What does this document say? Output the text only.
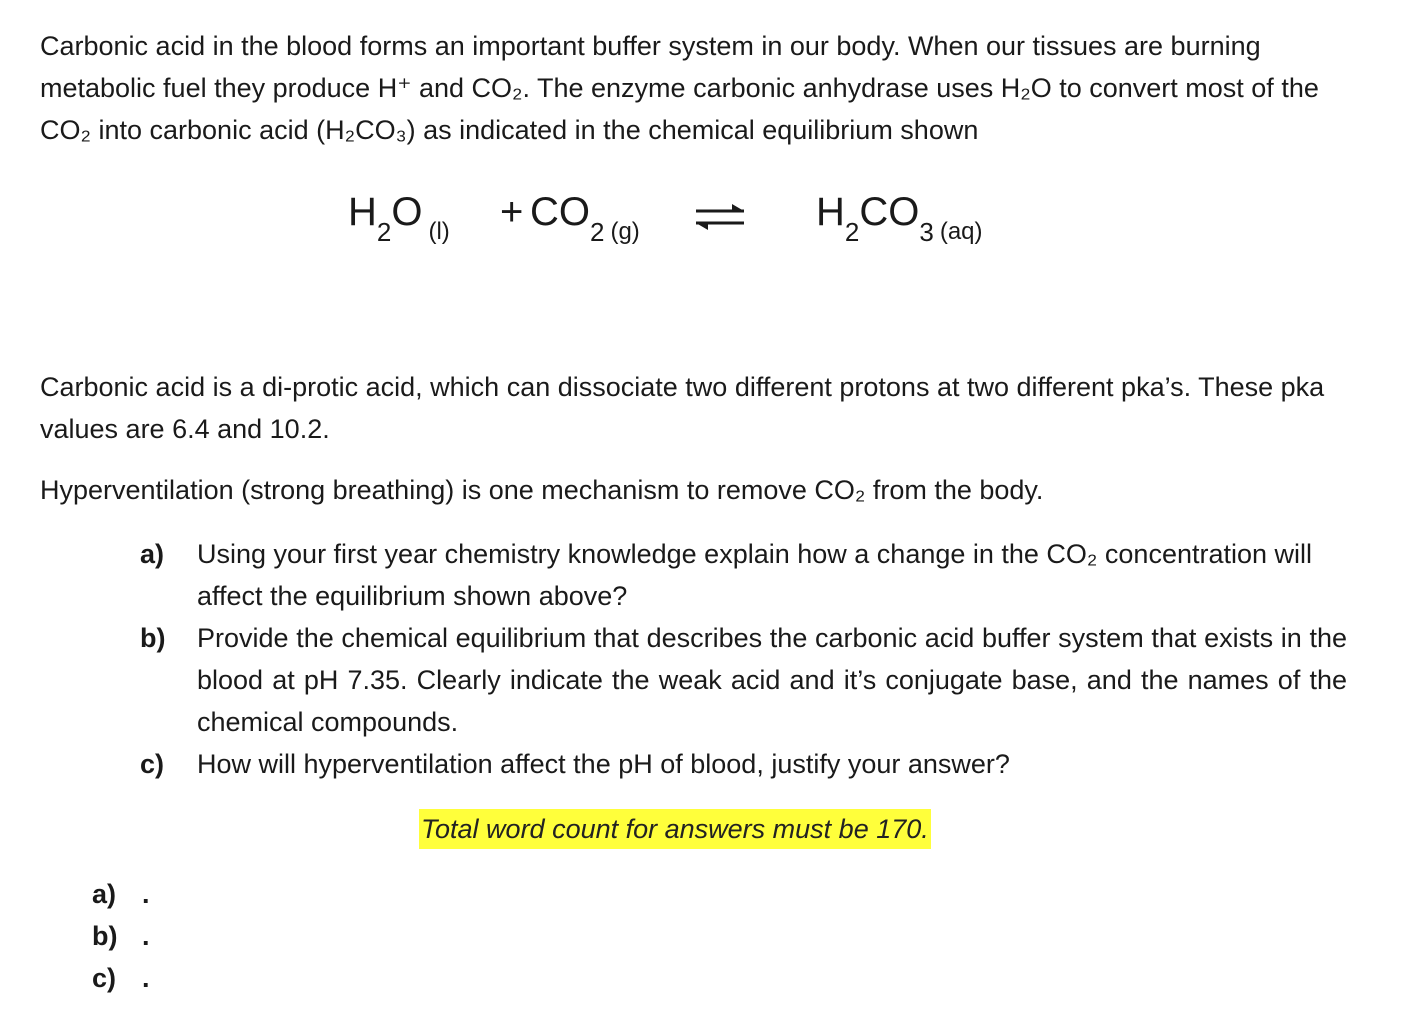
Carbonic acid in the blood forms an important buffer system in our body. When our tissues are burning metabolic fuel they produce H⁺ and CO₂. The enzyme carbonic anhydrase uses H₂O to convert most of the CO₂ into carbonic acid (H₂CO₃) as indicated in the chemical equilibrium shown

$H_2O$ $_{(l)} + CO_2$ $_{(g)}$ ⇌ $H_2CO_3$ $_{(aq)}$

Carbonic acid is a di-protic acid, which can dissociate two different protons at two different pka’s. These pka values are 6.4 and 10.2.

Hyperventilation (strong breathing) is one mechanism to remove CO₂ from the body.

a) Using your first year chemistry knowledge explain how a change in the CO₂ concentration will affect the equilibrium shown above?
b) Provide the chemical equilibrium that describes the carbonic acid buffer system that exists in the blood at pH 7.35. Clearly indicate the weak acid and it’s conjugate base, and the names of the chemical compounds.
c) How will hyperventilation affect the pH of blood, justify your answer?
Total word count for answers must be 170.
a) .
b) .
c) .
